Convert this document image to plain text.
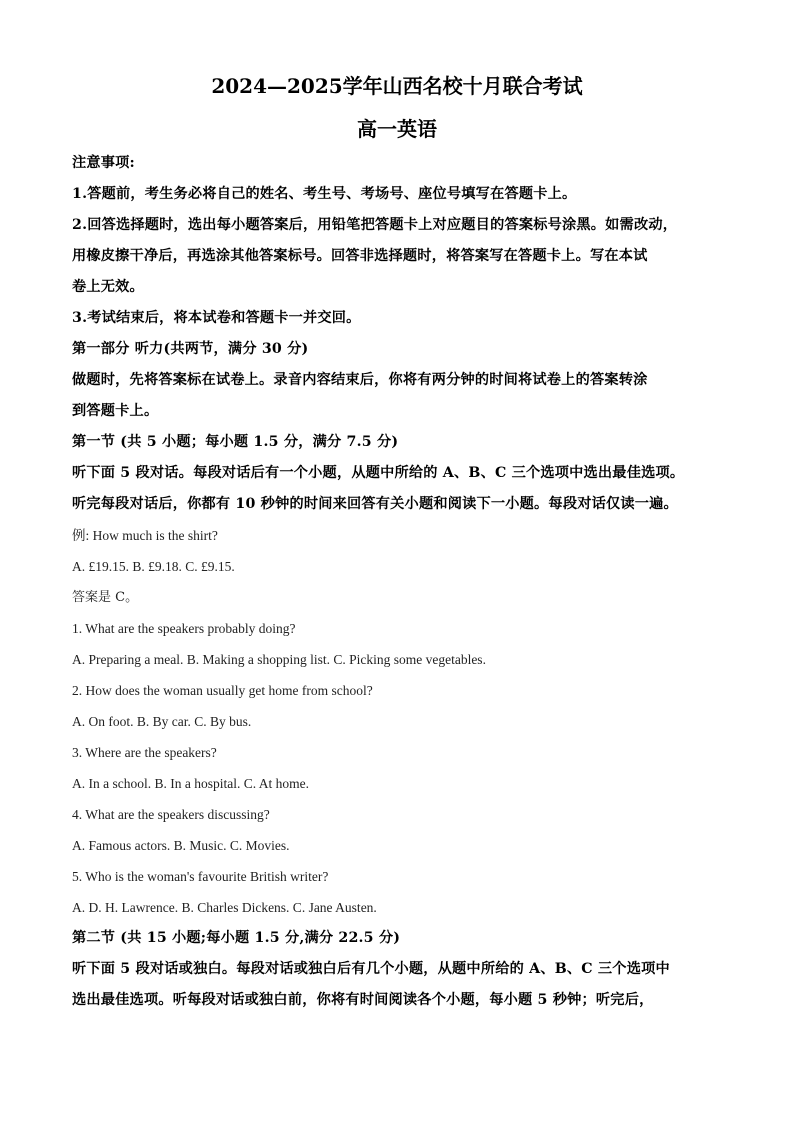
2024—2025学年山西名校十月联合考试
高一英语

注意事项:

1.答题前，考生务必将自己的姓名、考生号、考场号、座位号填写在答题卡上。

2.回答选择题时，选出每小题答案后，用铅笔把答题卡上对应题目的答案标号涂黑。如需改动，

用橡皮擦干净后，再选涂其他答案标号。回答非选择题时，将答案写在答题卡上。写在本试

卷上无效。

3.考试结束后，将本试卷和答题卡一并交回。

第一部分 听力(共两节，满分 30 分)

做题时，先将答案标在试卷上。录音内容结束后，你将有两分钟的时间将试卷上的答案转涂

到答题卡上。

第一节 (共 5 小题；每小题 1.5 分，满分 7.5 分)

听下面 5 段对话。每段对话后有一个小题，从题中所给的 A、B、C 三个选项中选出最佳选项。

听完每段对话后，你都有 10 秒钟的时间来回答有关小题和阅读下一小题。每段对话仅读一遍。

例: How much is the shirt?

A. £19.15. B. £9.18. C. £9.15.

答案是 C。

1. What are the speakers probably doing?

A. Preparing a meal. B. Making a shopping list. C. Picking some vegetables.

2. How does the woman usually get home from school?

A. On foot. B. By car. C. By bus.

3. Where are the speakers?

A. In a school. B. In a hospital. C. At home.

4. What are the speakers discussing?

A. Famous actors. B. Music. C. Movies.

5. Who is the woman's favourite British writer?

A. D. H. Lawrence. B. Charles Dickens. C. Jane Austen.

第二节 (共 15 小题;每小题 1.5 分,满分 22.5 分)

听下面 5 段对话或独白。每段对话或独白后有几个小题，从题中所给的 A、B、C 三个选项中

选出最佳选项。听每段对话或独白前，你将有时间阅读各个小题，每小题 5 秒钟；听完后，
